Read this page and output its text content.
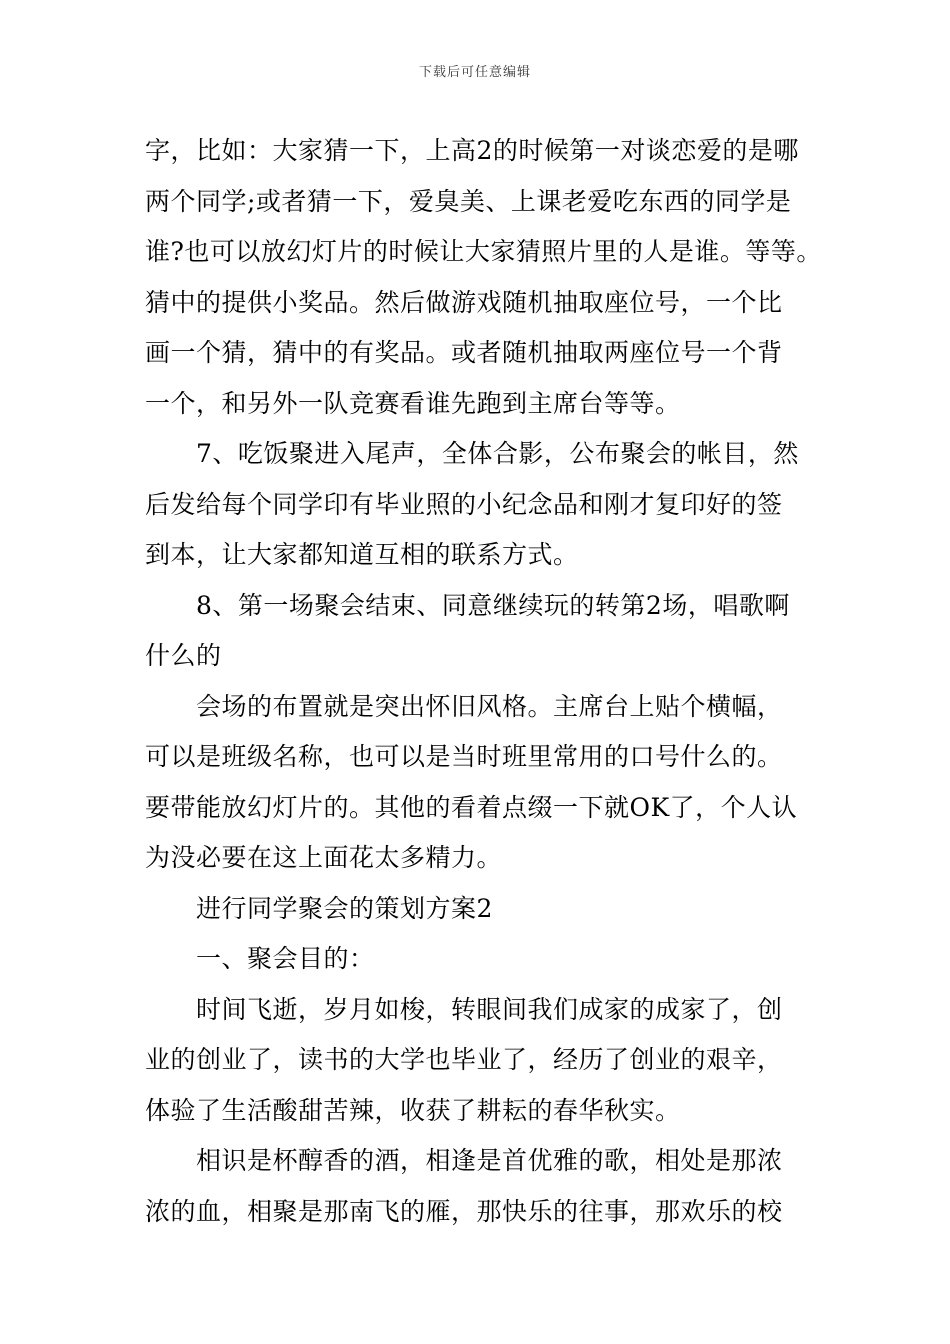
下载后可任意编辑
字，比如：大家猜一下，上高2的时候第一对谈恋爱的是哪
两个同学;或者猜一下，爱臭美、上课老爱吃东西的同学是
谁?也可以放幻灯片的时候让大家猜照片里的人是谁。等等。
猜中的提供小奖品。然后做游戏随机抽取座位号，一个比
画一个猜，猜中的有奖品。或者随机抽取两座位号一个背
一个，和另外一队竞赛看谁先跑到主席台等等。
7、吃饭聚进入尾声，全体合影，公布聚会的帐目，然
后发给每个同学印有毕业照的小纪念品和刚才复印好的签
到本，让大家都知道互相的联系方式。
8、第一场聚会结束、同意继续玩的转第2场，唱歌啊
什么的
会场的布置就是突出怀旧风格。主席台上贴个横幅，
可以是班级名称，也可以是当时班里常用的口号什么的。
要带能放幻灯片的。其他的看着点缀一下就OK了，个人认
为没必要在这上面花太多精力。
进行同学聚会的策划方案2
一、聚会目的：
时间飞逝，岁月如梭，转眼间我们成家的成家了，创
业的创业了，读书的大学也毕业了，经历了创业的艰辛，
体验了生活酸甜苦辣，收获了耕耘的春华秋实。
相识是杯醇香的酒，相逢是首优雅的歌，相处是那浓
浓的血，相聚是那南飞的雁，那快乐的往事，那欢乐的校
